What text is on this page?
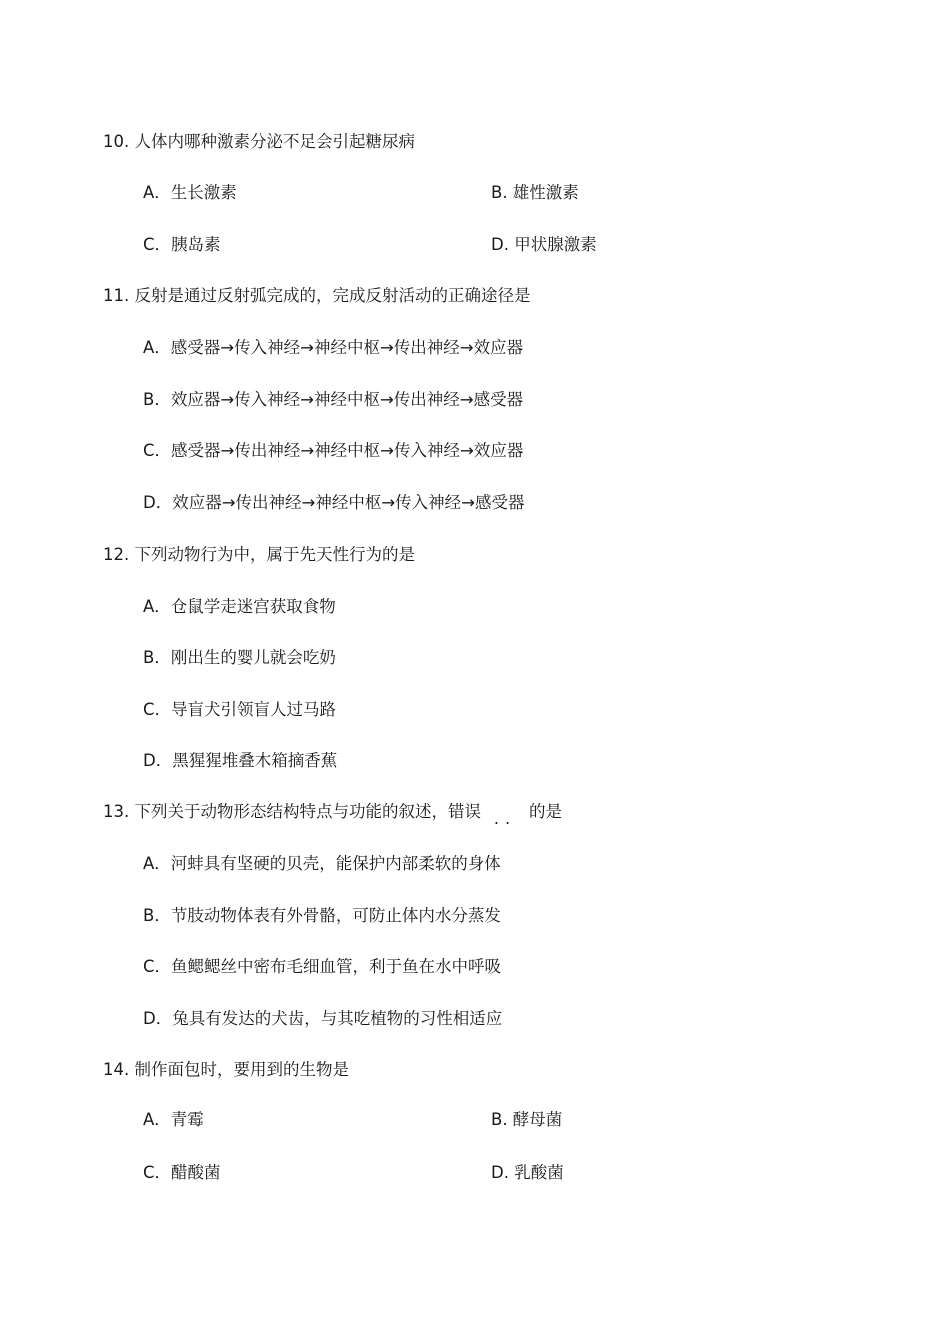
10. 人体内哪种激素分泌不足会引起糖尿病
A．生长激素	B. 雄性激素
C．胰岛素	D. 甲状腺激素
11. 反射是通过反射弧完成的，完成反射活动的正确途径是
A．感受器→传入神经→神经中枢→传出神经→效应器
B．效应器→传入神经→神经中枢→传出神经→感受器
C．感受器→传出神经→神经中枢→传入神经→效应器
D．效应器→传出神经→神经中枢→传入神经→感受器
12. 下列动物行为中，属于先天性行为的是
A．仓鼠学走迷宫获取食物
B．刚出生的婴儿就会吃奶
C．导盲犬引领盲人过马路
D．黑猩猩堆叠木箱摘香蕉
13. 下列关于动物形态结构特点与功能的叙述，错误 .. 的是
A．河蚌具有坚硬的贝壳，能保护内部柔软的身体
B．节肢动物体表有外骨骼，可防止体内水分蒸发
C．鱼鳃鳃丝中密布毛细血管，利于鱼在水中呼吸
D．兔具有发达的犬齿，与其吃植物的习性相适应
14. 制作面包时，要用到的生物是
A．青霉	B. 酵母菌
C．醋酸菌	D. 乳酸菌
